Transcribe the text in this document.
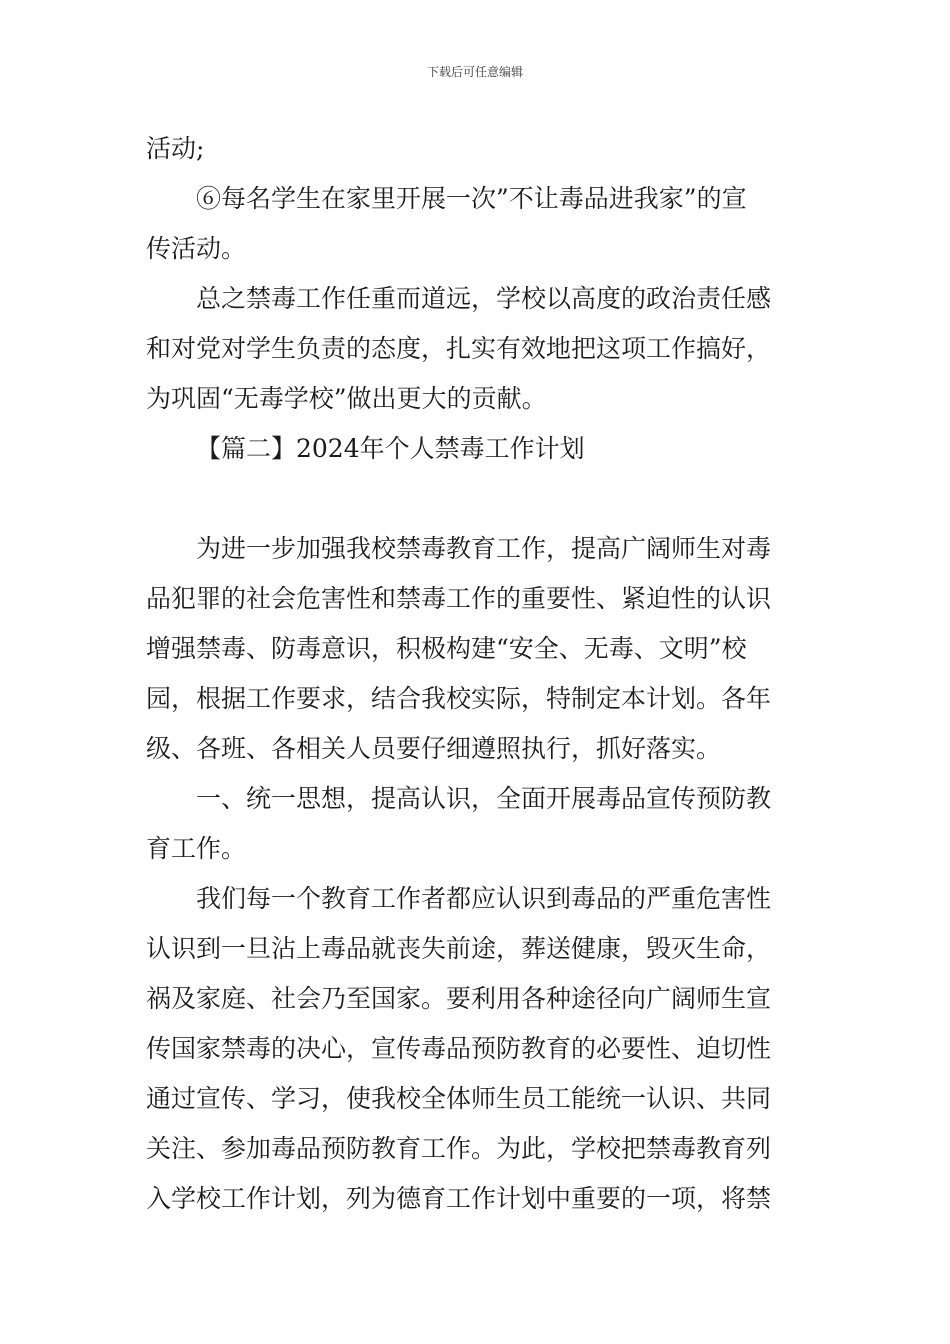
下载后可任意编辑
活动;
⑥每名学生在家里开展一次”不让毒品进我家”的宣
传活动。
总之禁毒工作任重而道远，学校以高度的政治责任感
和对党对学生负责的态度，扎实有效地把这项工作搞好，
为巩固“无毒学校”做出更大的贡献。
【篇二】2024年个人禁毒工作计划
为进一步加强我校禁毒教育工作，提高广阔师生对毒
品犯罪的社会危害性和禁毒工作的重要性、紧迫性的认识
增强禁毒、防毒意识，积极构建“安全、无毒、文明”校
园，根据工作要求，结合我校实际，特制定本计划。各年
级、各班、各相关人员要仔细遵照执行，抓好落实。
一、统一思想，提高认识，全面开展毒品宣传预防教
育工作。
我们每一个教育工作者都应认识到毒品的严重危害性
认识到一旦沾上毒品就丧失前途，葬送健康，毁灭生命，
祸及家庭、社会乃至国家。要利用各种途径向广阔师生宣
传国家禁毒的决心，宣传毒品预防教育的必要性、迫切性
通过宣传、学习，使我校全体师生员工能统一认识、共同
关注、参加毒品预防教育工作。为此，学校把禁毒教育列
入学校工作计划，列为德育工作计划中重要的一项，将禁
